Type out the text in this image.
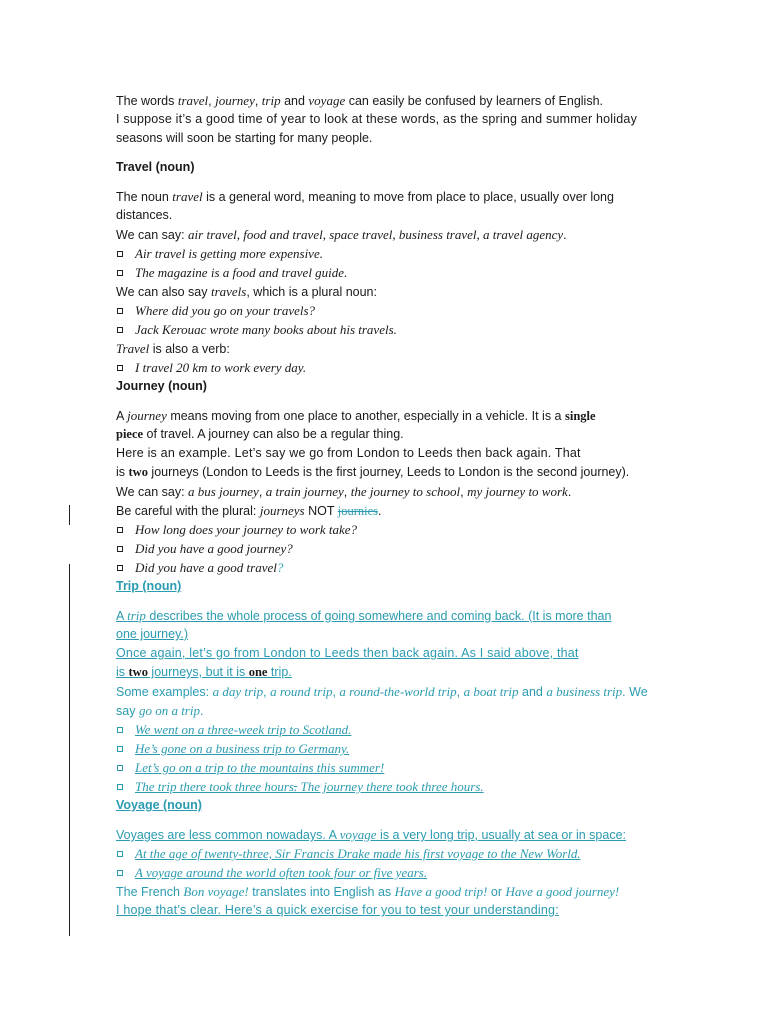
The words travel, journey, trip and voyage can easily be confused by learners of English.
I suppose it’s a good time of year to look at these words, as the spring and summer holiday
seasons will soon be starting for many people.
Travel (noun)
The noun travel is a general word, meaning to move from place to place, usually over long
distances.
We can say: air travel, food and travel, space travel, business travel, a travel agency.
Air travel is getting more expensive.
The magazine is a food and travel guide.
We can also say travels, which is a plural noun:
Where did you go on your travels?
Jack Kerouac wrote many books about his travels.
Travel is also a verb:
I travel 20 km to work every day.
Journey (noun)
A journey means moving from one place to another, especially in a vehicle. It is a single
piece of travel. A journey can also be a regular thing.
Here is an example. Let’s say we go from London to Leeds then back again. That
is two journeys (London to Leeds is the first journey, Leeds to London is the second journey).
We can say: a bus journey, a train journey, the journey to school, my journey to work.
Be careful with the plural: journeys NOT journies.
How long does your journey to work take?
Did you have a good journey?
Did you have a good travel?
Trip (noun)
A trip describes the whole process of going somewhere and coming back. (It is more than
one journey.)
Once again, let’s go from London to Leeds then back again. As I said above, that
is two journeys, but it is one trip.
Some examples: a day trip, a round trip, a round-the-world trip, a boat trip and a business trip. We
say go on a trip.
We went on a three-week trip to Scotland.
He’s gone on a business trip to Germany.
Let’s go on a trip to the mountains this summer!
The trip there took three hours. The journey there took three hours.
Voyage (noun)
Voyages are less common nowadays. A voyage is a very long trip, usually at sea or in space:
At the age of twenty-three, Sir Francis Drake made his first voyage to the New World.
A voyage around the world often took four or five years.
The French Bon voyage! translates into English as Have a good trip! or Have a good journey!
I hope that’s clear. Here’s a quick exercise for you to test your understanding:
